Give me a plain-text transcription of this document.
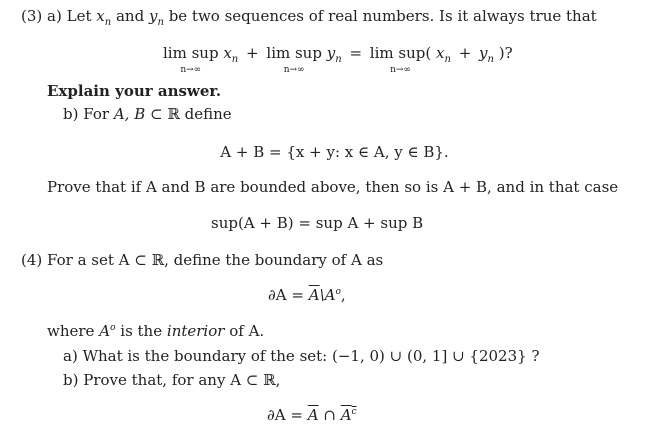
(3) a) Let $x_n$ and $y_n$ be two sequences of real numbers. Is it always true that
lim sup
n→∞
$x_n + \lim$ sup
n→∞
$y_n = \lim sup$(
n→∞
$x_n + y_n$ )?
Explain your answer.
b) For A, B ⊂ ℝ define
A + B = {x + y: x ∈ A, y ∈ B}.
Prove that if A and B are bounded above, then so is A + B, and in that case
sup(A + B) = sup A + sup B
(4) For a set A ⊂ ℝ, define the boundary of A as
$\partial A = \overline{A}\backslash A^o$,
where $A^o$ is the interior of A.
a) What is the boundary of the set: (−1, 0) ∪ (0, 1] ∪ {2023} ?
b) Prove that, for any A ⊂ ℝ,
$\partial A = \overline{A}$ ∩ $A^c$
